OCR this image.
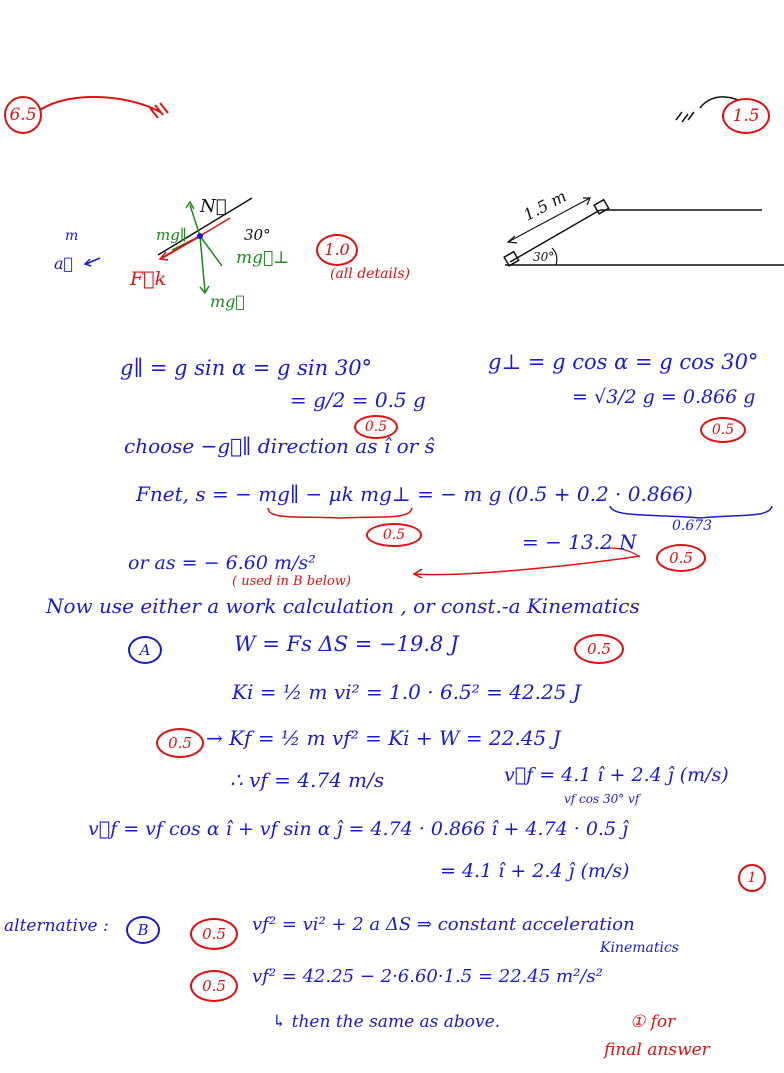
6.5	1.5
N⃗
mg∥	30°
mg⃗⊥
F⃗k
mg⃗
m
a⃗
1.0
(all details)
1.5 m
30°
g∥ = g sin α = g sin 30°
= g/2 = 0.5 g
0.5
g⊥ = g cos α = g cos 30°
= √3/2 g = 0.866 g
0.5
choose −g⃗∥ direction as î or ŝ
Fnet, s = − mg∥ − μk mg⊥ = − m g (0.5 + 0.2 · 0.866)
0.5
0.673
= − 13.2 N
0.5
or as = − 6.60 m/s²
( used in B below)
Now use either a work calculation , or const.-a Kinematics
A	W = Fs ΔS = −19.8 J	0.5
Ki = ½ m vi² = 1.0 · 6.5² = 42.25 J
0.5 → Kf = ½ m vf² = Ki + W = 22.45 J
∴ vf = 4.74 m/s	v⃗f = 4.1 î + 2.4 ĵ (m/s)
vf cos 30° vf
v⃗f = vf cos α î + vf sin α ĵ = 4.74 · 0.866 î + 4.74 · 0.5 ĵ
= 4.1 î + 2.4 ĵ (m/s)	1
alternative :	B	0.5	vf² = vi² + 2 a ΔS ⇒ constant acceleration
Kinematics
0.5	vf² = 42.25 − 2·6.60·1.5 = 22.45 m²/s²
↳ then the same as above.	① for
final answer
